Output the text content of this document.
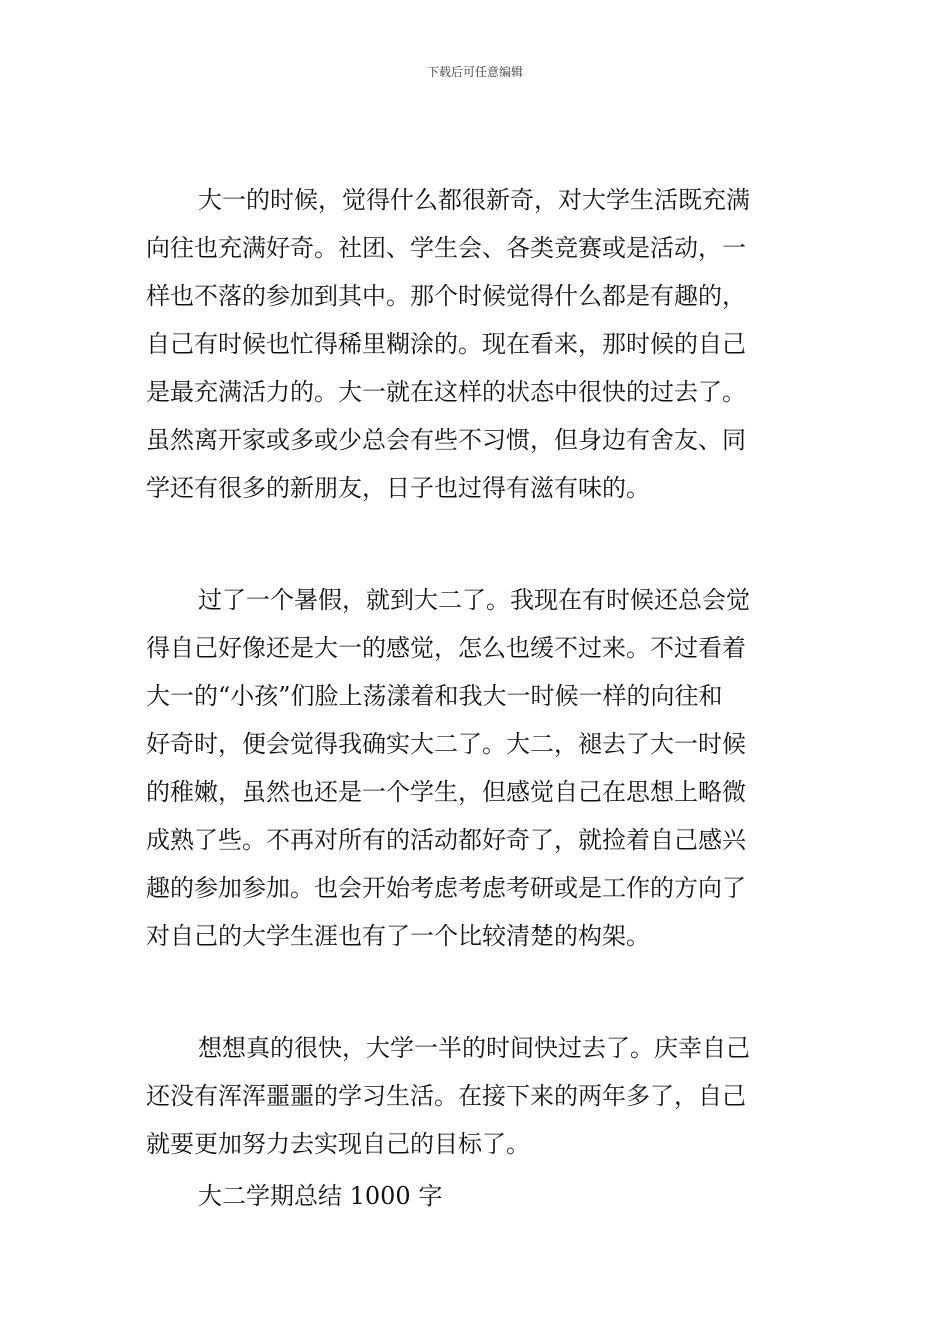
下载后可任意编辑
大一的时候，觉得什么都很新奇，对大学生活既充满
向往也充满好奇。社团、学生会、各类竞赛或是活动，一
样也不落的参加到其中。那个时候觉得什么都是有趣的，
自己有时候也忙得稀里糊涂的。现在看来，那时候的自己
是最充满活力的。大一就在这样的状态中很快的过去了。
虽然离开家或多或少总会有些不习惯，但身边有舍友、同
学还有很多的新朋友，日子也过得有滋有味的。
过了一个暑假，就到大二了。我现在有时候还总会觉
得自己好像还是大一的感觉，怎么也缓不过来。不过看着
大一的“小孩”们脸上荡漾着和我大一时候一样的向往和
好奇时，便会觉得我确实大二了。大二，褪去了大一时候
的稚嫩，虽然也还是一个学生，但感觉自己在思想上略微
成熟了些。不再对所有的活动都好奇了，就捡着自己感兴
趣的参加参加。也会开始考虑考虑考研或是工作的方向了
对自己的大学生涯也有了一个比较清楚的构架。
想想真的很快，大学一半的时间快过去了。庆幸自己
还没有浑浑噩噩的学习生活。在接下来的两年多了，自己
就要更加努力去实现自己的目标了。
大二学期总结 1000 字
